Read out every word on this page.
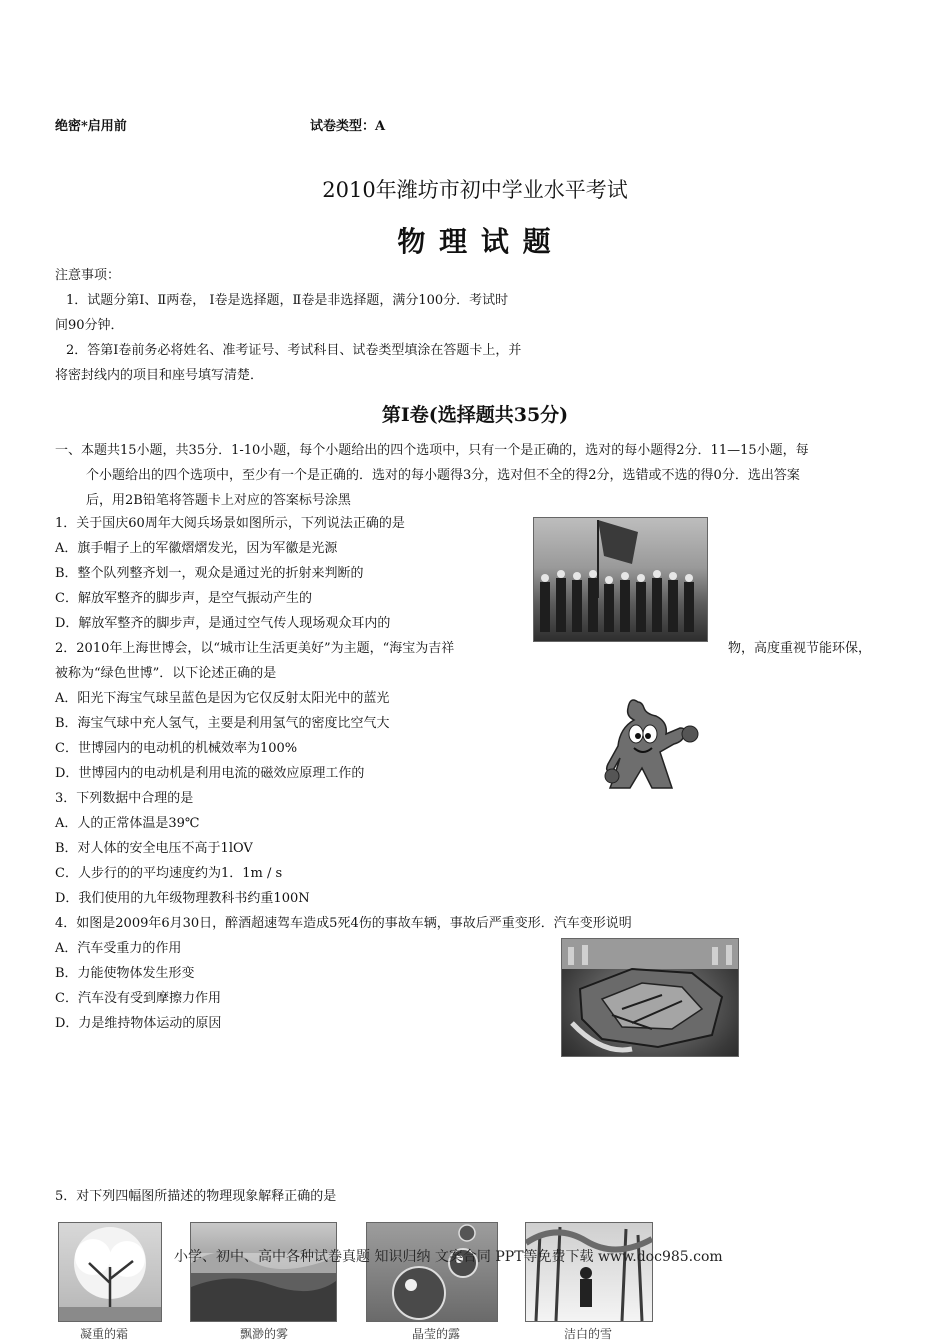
绝密*启用前	试卷类型：A
2010年潍坊市初中学业水平考试
物 理 试 题
注意事项：
1．试题分第Ⅰ、Ⅱ两卷， Ⅰ卷是选择题，Ⅱ卷是非选择题，满分100分．考试时
间90分钟．
2．答第Ⅰ卷前务必将姓名、准考证号、考试科目、试卷类型填涂在答题卡上，并
将密封线内的项目和座号填写清楚．
第Ⅰ卷(选择题共35分)
一、本题共15小题，共35分．1-10小题，每个小题给出的四个选项中，只有一个是正确的，选对的每小题得2分．11—15小题，每
个小题给出的四个选项中，至少有一个是正确的．选对的每小题得3分，选对但不全的得2分，选错或不选的得0分．选出答案
后，用2B铅笔将答题卡上对应的答案标号涂黑
1．关于国庆60周年大阅兵场景如图所示，下列说法正确的是
A．旗手帽子上的军徽熠熠发光，因为军徽是光源
B．整个队列整齐划一，观众是通过光的折射来判断的
C．解放军整齐的脚步声，是空气振动产生的
D．解放军整齐的脚步声，是通过空气传人现场观众耳内的
2．2010年上海世博会，以“城市让生活更美好”为主题，“海宝为吉祥	物，高度重视节能环保，
被称为“绿色世博”．以下论述正确的是
A．阳光下海宝气球呈蓝色是因为它仅反射太阳光中的蓝光
B．海宝气球中充人氢气，主要是利用氢气的密度比空气大
C．世博园内的电动机的机械效率为100%
D．世博园内的电动机是利用电流的磁效应原理工作的
3．下列数据中合理的是
A．人的正常体温是39℃
B．对人体的安全电压不高于1lOV
C．人步行的的平均速度约为1．1m / s
D．我们使用的九年级物理教科书约重100N
4．如图是2009年6月30日，醉酒超速驾车造成5死4伤的事故车辆，事故后严重变形．汽车变形说明
A．汽车受重力的作用
B．力能使物体发生形变
C．汽车没有受到摩擦力作用
D．力是维持物体运动的原因
5．对下列四幅图所描述的物理现象解释正确的是
凝重的霜	飘渺的雾	晶莹的露	洁白的雪
小学、初中、高中各种试卷真题 知识归纳 文案合同 PPT等免费下载 www.doc985.com
